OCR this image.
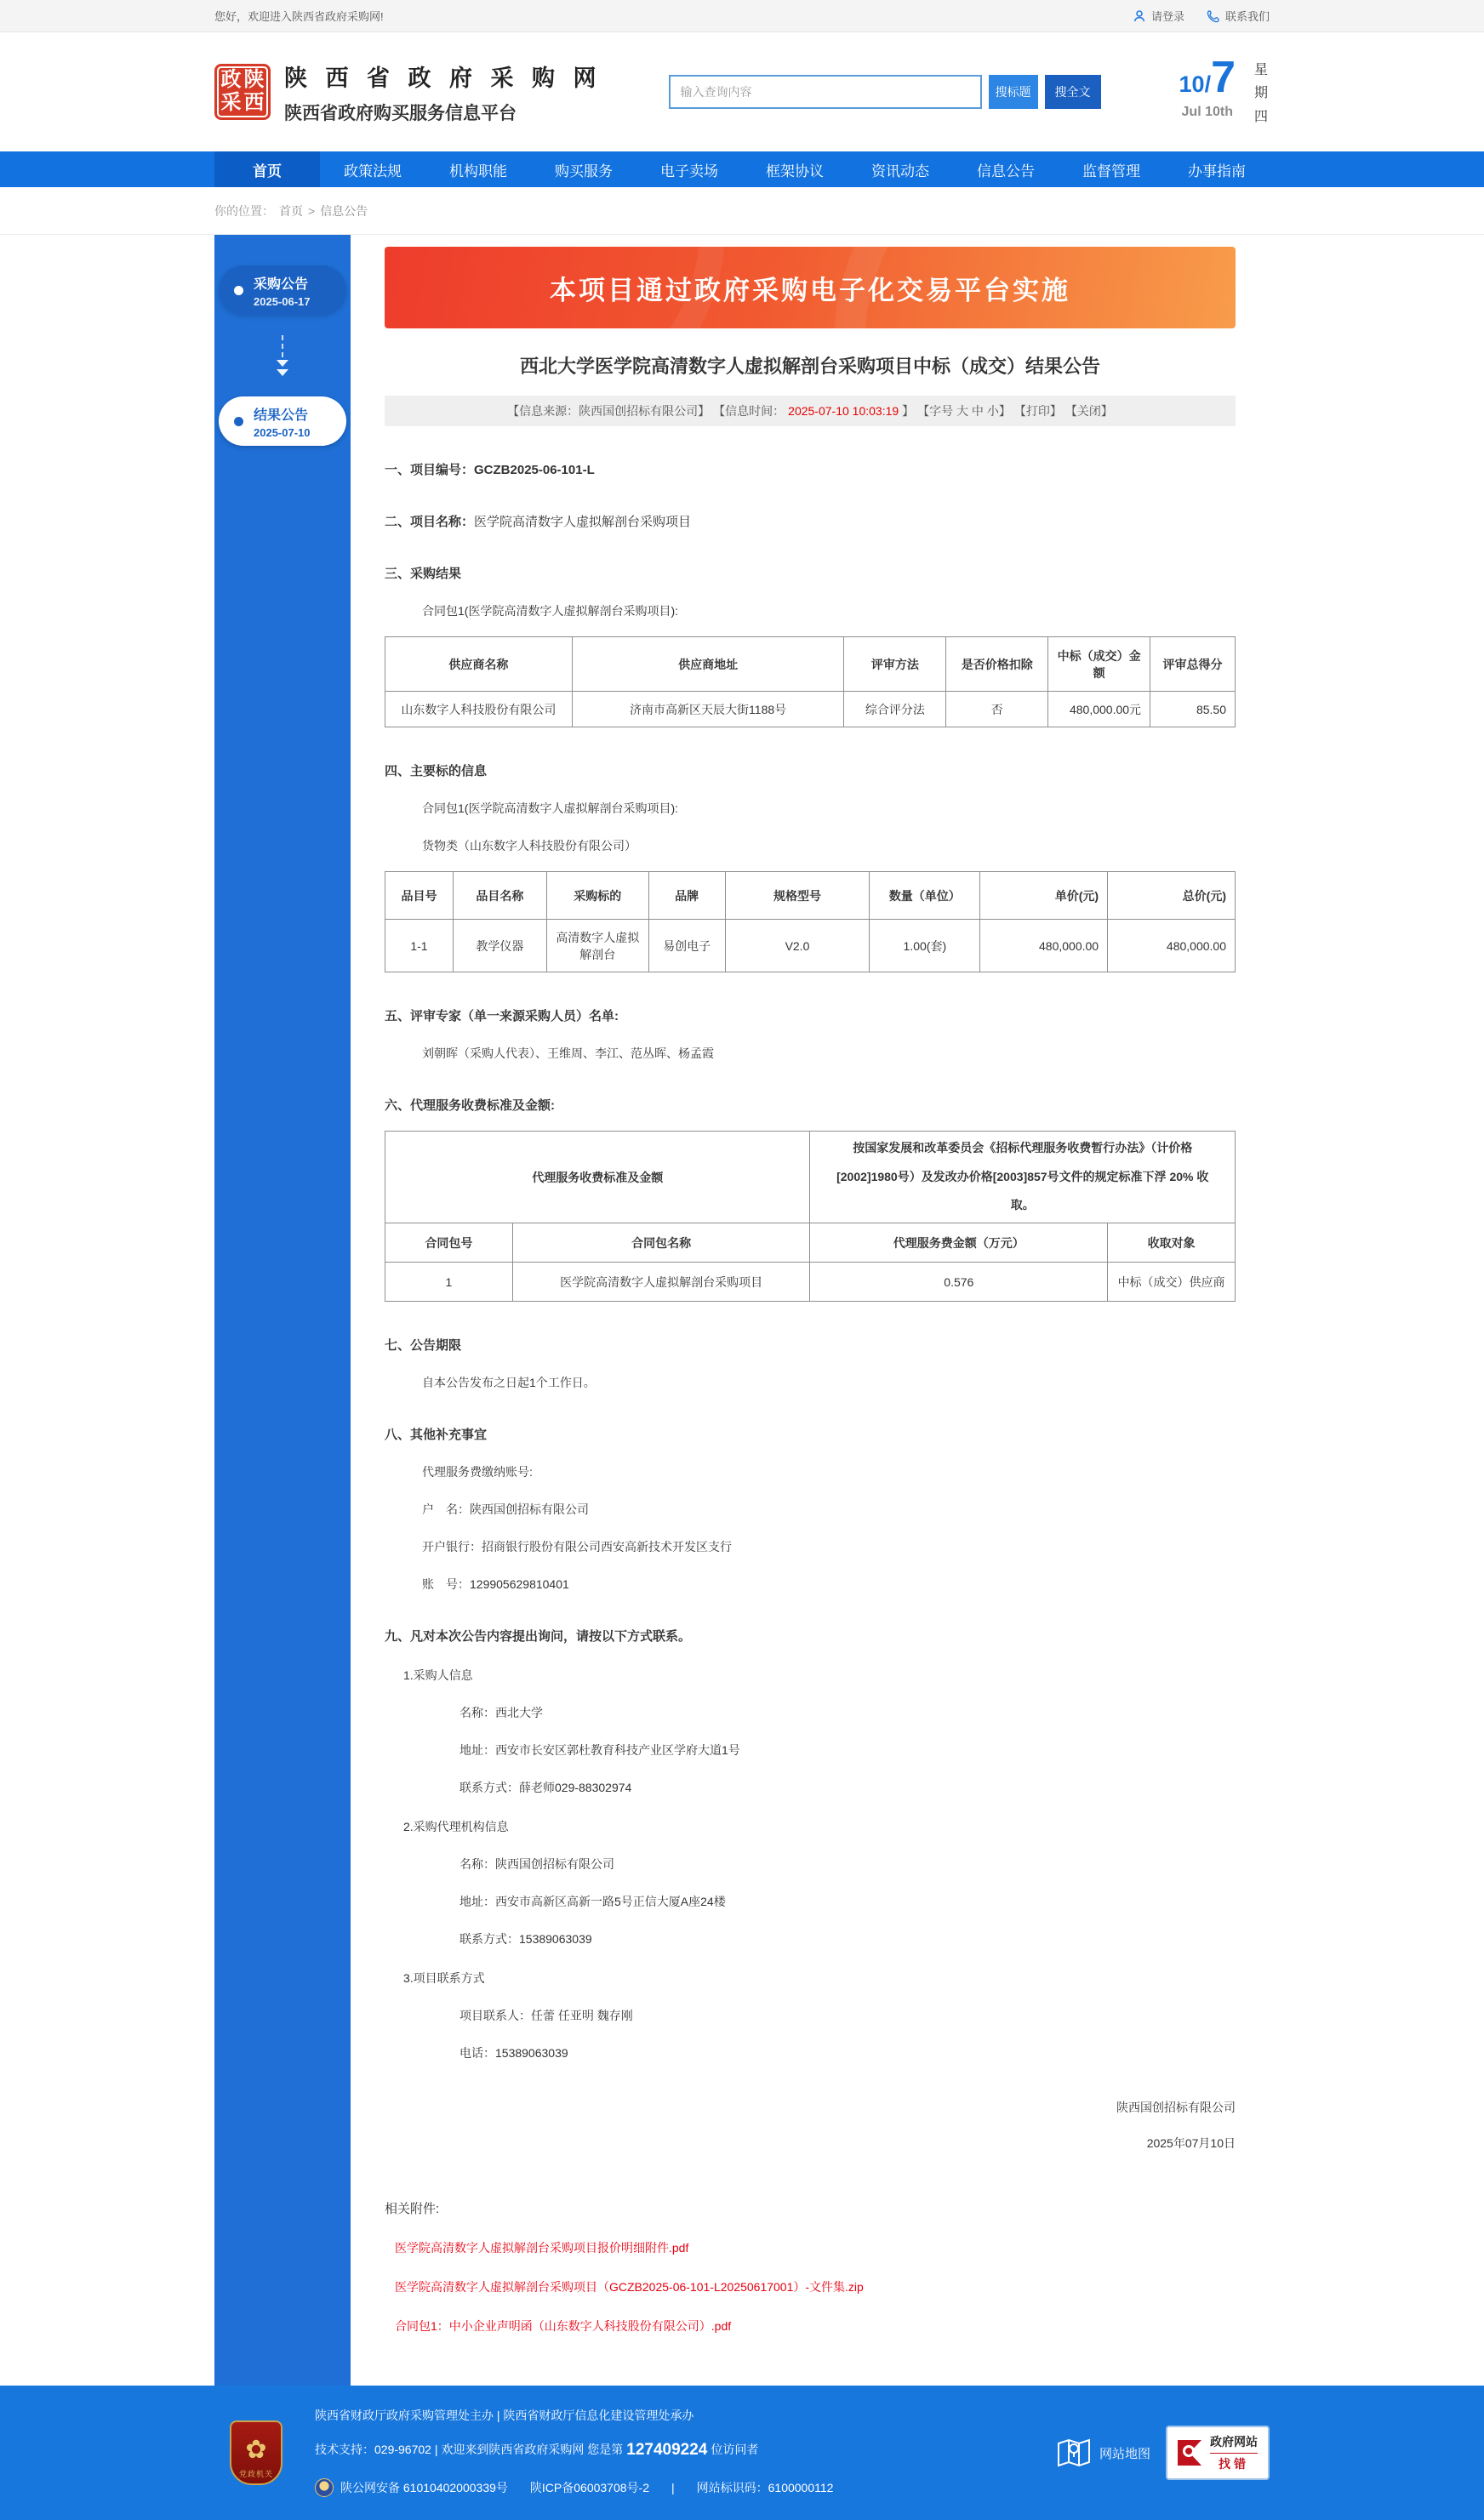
您好，欢迎进入陕西省政府采购网!	请登录	联系我们
政 陕
采 西
陕 西 省 政 府 采 购 网
陕西省政府购买服务信息平台
输入查询内容
搜标题	搜全文	10/7
Jul 10th
星
期
四
首页	政策法规	机构职能	购买服务	电子卖场	框架协议	资讯动态	信息公告	监督管理	办事指南
你的位置： 首页 > 信息公告
采购公告
2025-06-17
结果公告
2025-07-10
本项目通过政府采购电子化交易平台实施
西北大学医学院高清数字人虚拟解剖台采购项目中标（成交）结果公告
【信息来源：陕西国创招标有限公司】 【信息时间： 2025-07-10 10:03:19 】 【字号 大 中 小】 【打印】 【关闭】
一、项目编号：GCZB2025-06-101-L
二、项目名称：医学院高清数字人虚拟解剖台采购项目
三、采购结果
合同包1(医学院高清数字人虚拟解剖台采购项目):
供应商名称	供应商地址	评审方法	是否价格扣除	中标（成交）金额	评审总得分
山东数字人科技股份有限公司	济南市高新区天辰大街1188号	综合评分法	否	480,000.00元	85.50
四、主要标的信息
合同包1(医学院高清数字人虚拟解剖台采购项目):
货物类（山东数字人科技股份有限公司）
品目号	品目名称	采购标的	品牌	规格型号	数量（单位）	单价(元)	总价(元)
1-1	教学仪器	高清数字人虚拟解剖台	易创电子	V2.0	1.00(套)	480,000.00	480,000.00
五、评审专家（单一来源采购人员）名单:
刘朝晖（采购人代表）、王维周、李江、范丛晖、杨孟霞
六、代理服务收费标准及金额:
代理服务收费标准及金额		按国家发展和改革委员会《招标代理服务收费暂行办法》（计价格[2002]1980号）及发改办价格[2003]857号文件的规定标准下浮 20% 收取。	
合同包号	合同包名称	代理服务费金额（万元）	收取对象
1	医学院高清数字人虚拟解剖台采购项目	0.576	中标（成交）供应商
七、公告期限
自本公告发布之日起1个工作日。
八、其他补充事宜
代理服务费缴纳账号:
户　名：陕西国创招标有限公司
开户银行：招商银行股份有限公司西安高新技术开发区支行
账　号：129905629810401
九、凡对本次公告内容提出询问，请按以下方式联系。
1.采购人信息
名称：西北大学
地址：西安市长安区郭杜教育科技产业区学府大道1号
联系方式：薛老师029-88302974
2.采购代理机构信息
名称：陕西国创招标有限公司
地址：西安市高新区高新一路5号正信大厦A座24楼
联系方式：15389063039
3.项目联系方式
项目联系人：任蕾 任亚明 魏存刚
电话：15389063039
陕西国创招标有限公司
2025年07月10日
相关附件:
医学院高清数字人虚拟解剖台采购项目报价明细附件.pdf
医学院高清数字人虚拟解剖台采购项目（GCZB2025-06-101-L20250617001）-文件集.zip
合同包1：中小企业声明函（山东数字人科技股份有限公司）.pdf
✿
党政机关
陕西省财政厅政府采购管理处主办 | 陕西省财政厅信息化建设管理处承办
技术支持：029-96702 | 欢迎来到陕西省政府采购网 您是第 127409224 位访问者
陕公网安备 61010402000339号 陕ICP备06003708号-2 | 网站标识码：6100000112
网站地图
政府网站
找错
